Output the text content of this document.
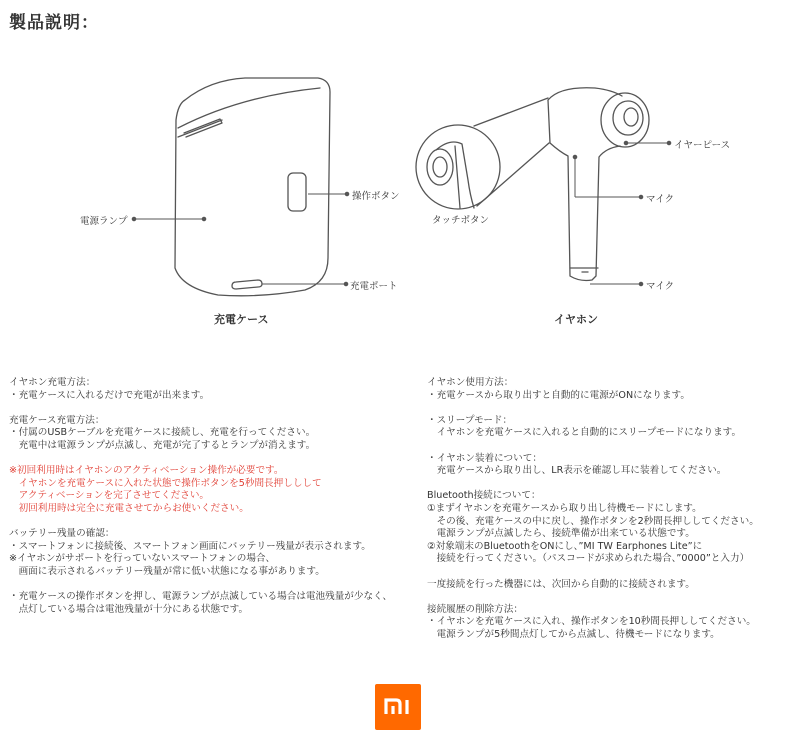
製品説明：
電源ランプ
操作ボタン
充電ポート
充電ケース
イヤーピース
マイク
マイク
タッチボタン
イヤホン

イヤホン充電方法：

・充電ケースに入れるだけで充電が出来ます。

充電ケース充電方法：

・付属のUSBケーブルを充電ケースに接続し、充電を行ってください。

　充電中は電源ランプが点滅し、充電が完了するとランプが消えます。

※初回利用時はイヤホンのアクティベーション操作が必要です。

　イヤホンを充電ケースに入れた状態で操作ボタンを5秒間長押ししして

　アクティベーションを完了させてください。

　初回利用時は完全に充電させてからお使いください。

バッテリー残量の確認：

・スマートフォンに接続後、スマートフォン画面にバッテリー残量が表示されます。

※イヤホンがサポートを行っていないスマートフォンの場合、

　画面に表示されるバッテリー残量が常に低い状態になる事があります。

・充電ケースの操作ボタンを押し、電源ランプが点滅している場合は電池残量が少なく、

　点灯している場合は電池残量が十分にある状態です。

イヤホン使用方法：

・充電ケースから取り出すと自動的に電源がONになります。

・スリープモード：

　イヤホンを充電ケースに入れると自動的にスリープモードになります。

・イヤホン装着について：

　充電ケースから取り出し、LR表示を確認し耳に装着してください。

Bluetooth接続について：

①まずイヤホンを充電ケースから取り出し待機モードにします。

　その後、充電ケースの中に戻し、操作ボタンを2秒間長押ししてください。

　電源ランプが点滅したら、接続準備が出来ている状態です。

②対象端末のBluetoothをONにし、”MI TW Earphones Lite”に

　接続を行ってください。（パスコードが求められた場合、”0000”と入力）

一度接続を行った機器には、次回から自動的に接続されます。

接続履歴の削除方法：

・イヤホンを充電ケースに入れ、操作ボタンを10秒間長押ししてください。

　電源ランプが5秒間点灯してから点滅し、待機モードになります。
